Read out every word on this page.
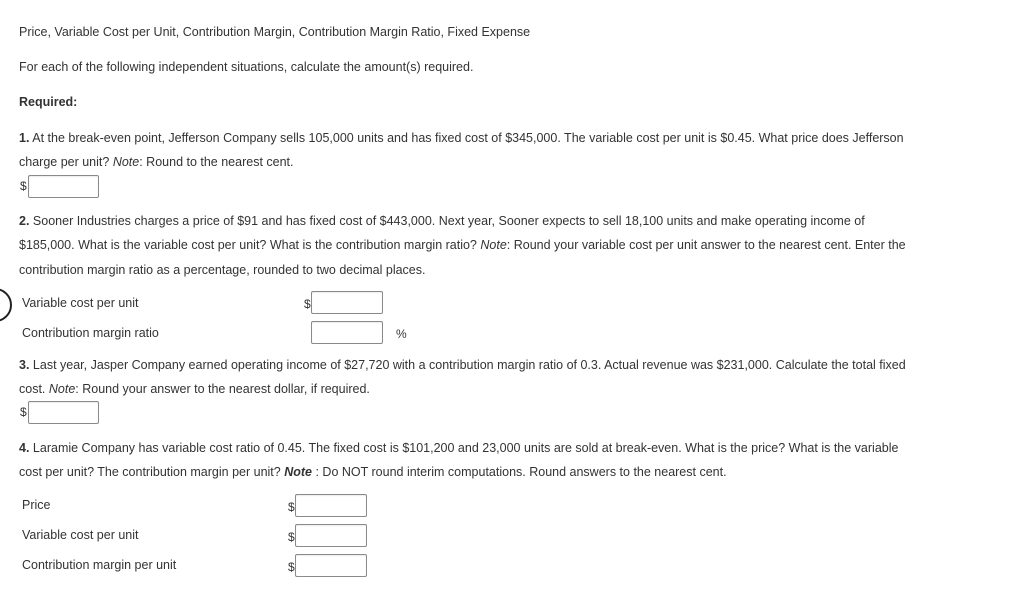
Price, Variable Cost per Unit, Contribution Margin, Contribution Margin Ratio, Fixed Expense
For each of the following independent situations, calculate the amount(s) required.
Required:
1. At the break-even point, Jefferson Company sells 105,000 units and has fixed cost of $345,000. The variable cost per unit is $0.45. What price does Jefferson
charge per unit? Note: Round to the nearest cent.
$
2. Sooner Industries charges a price of $91 and has fixed cost of $443,000. Next year, Sooner expects to sell 18,100 units and make operating income of
$185,000. What is the variable cost per unit? What is the contribution margin ratio? Note: Round your variable cost per unit answer to the nearest cent. Enter the
contribution margin ratio as a percentage, rounded to two decimal places.
Variable cost per unit	$
Contribution margin ratio	%
3. Last year, Jasper Company earned operating income of $27,720 with a contribution margin ratio of 0.3. Actual revenue was $231,000. Calculate the total fixed
cost. Note: Round your answer to the nearest dollar, if required.
$
4. Laramie Company has variable cost ratio of 0.45. The fixed cost is $101,200 and 23,000 units are sold at break-even. What is the price? What is the variable
cost per unit? The contribution margin per unit? Note : Do NOT round interim computations. Round answers to the nearest cent.
Price	$
Variable cost per unit	$
Contribution margin per unit	$
